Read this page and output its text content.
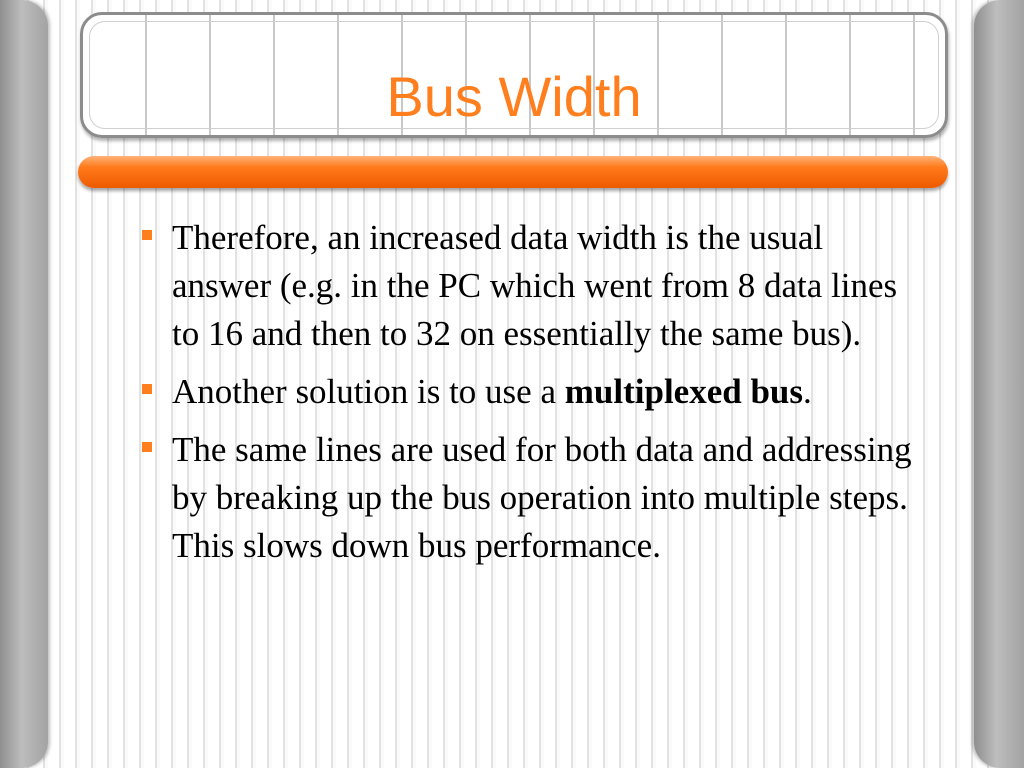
Bus Width
Therefore, an increased data width is the usual answer (e.g. in the PC which went from 8 data lines to 16 and then to 32 on essentially the same bus).
Another solution is to use a multiplexed bus.
The same lines are used for both data and addressing by breaking up the bus operation into multiple steps. This slows down bus performance.
